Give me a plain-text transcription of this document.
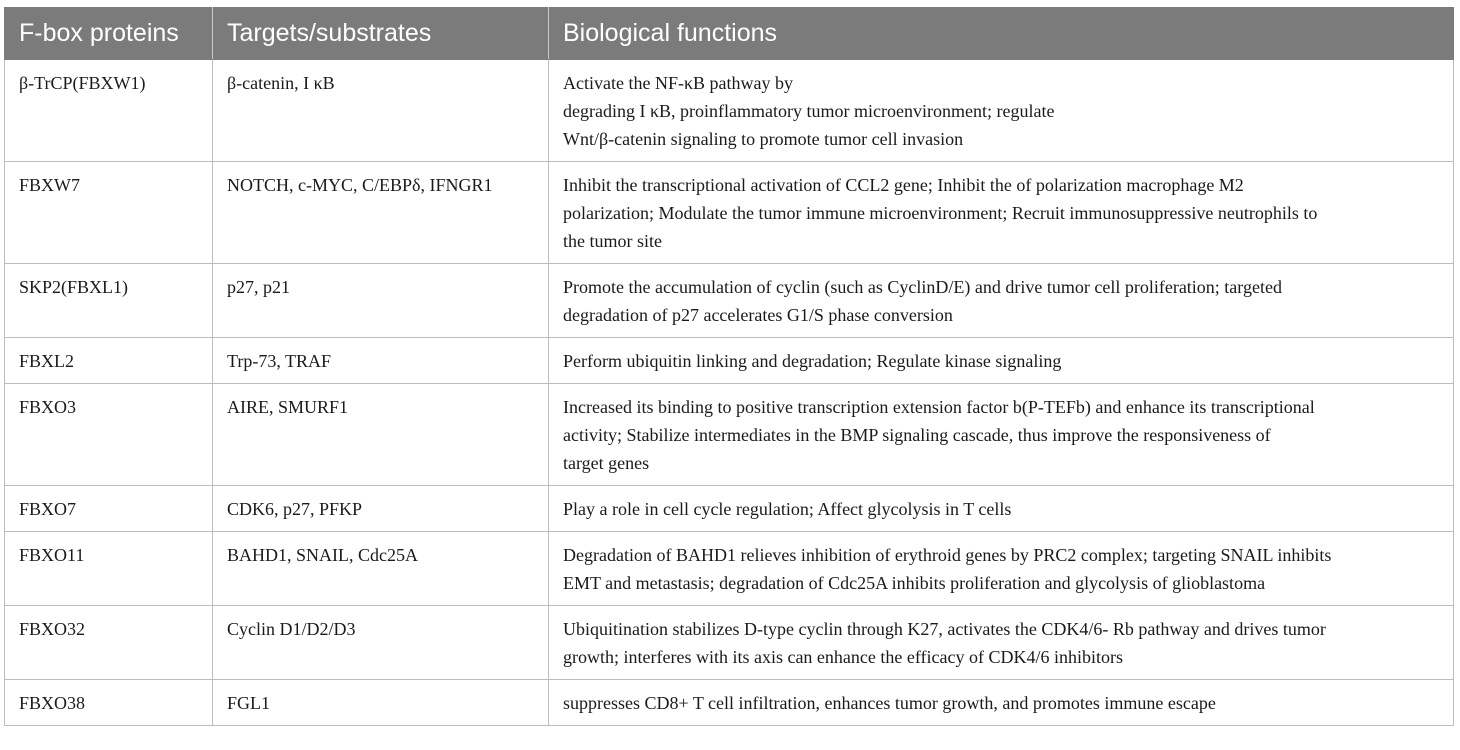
F-box proteins	Targets/substrates	Biological functions
β-TrCP(FBXW1)	β-catenin, I κB	Activate the NF-κB pathway by
degrading I κB, proinflammatory tumor microenvironment; regulate
Wnt/β-catenin signaling to promote tumor cell invasion
FBXW7	NOTCH, c-MYC, C/EBPδ, IFNGR1	Inhibit the transcriptional activation of CCL2 gene; Inhibit the of polarization macrophage M2
polarization; Modulate the tumor immune microenvironment; Recruit immunosuppressive neutrophils to
the tumor site
SKP2(FBXL1)	p27, p21	Promote the accumulation of cyclin (such as CyclinD/E) and drive tumor cell proliferation; targeted
degradation of p27 accelerates G1/S phase conversion
FBXL2	Trp-73, TRAF	Perform ubiquitin linking and degradation; Regulate kinase signaling
FBXO3	AIRE, SMURF1	Increased its binding to positive transcription extension factor b(P-TEFb) and enhance its transcriptional
activity; Stabilize intermediates in the BMP signaling cascade, thus improve the responsiveness of
target genes
FBXO7	CDK6, p27, PFKP	Play a role in cell cycle regulation; Affect glycolysis in T cells
FBXO11	BAHD1, SNAIL, Cdc25A	Degradation of BAHD1 relieves inhibition of erythroid genes by PRC2 complex; targeting SNAIL inhibits
EMT and metastasis; degradation of Cdc25A inhibits proliferation and glycolysis of glioblastoma
FBXO32	Cyclin D1/D2/D3	Ubiquitination stabilizes D-type cyclin through K27, activates the CDK4/6- Rb pathway and drives tumor
growth; interferes with its axis can enhance the efficacy of CDK4/6 inhibitors
FBXO38	FGL1	suppresses CD8+ T cell infiltration, enhances tumor growth, and promotes immune escape
